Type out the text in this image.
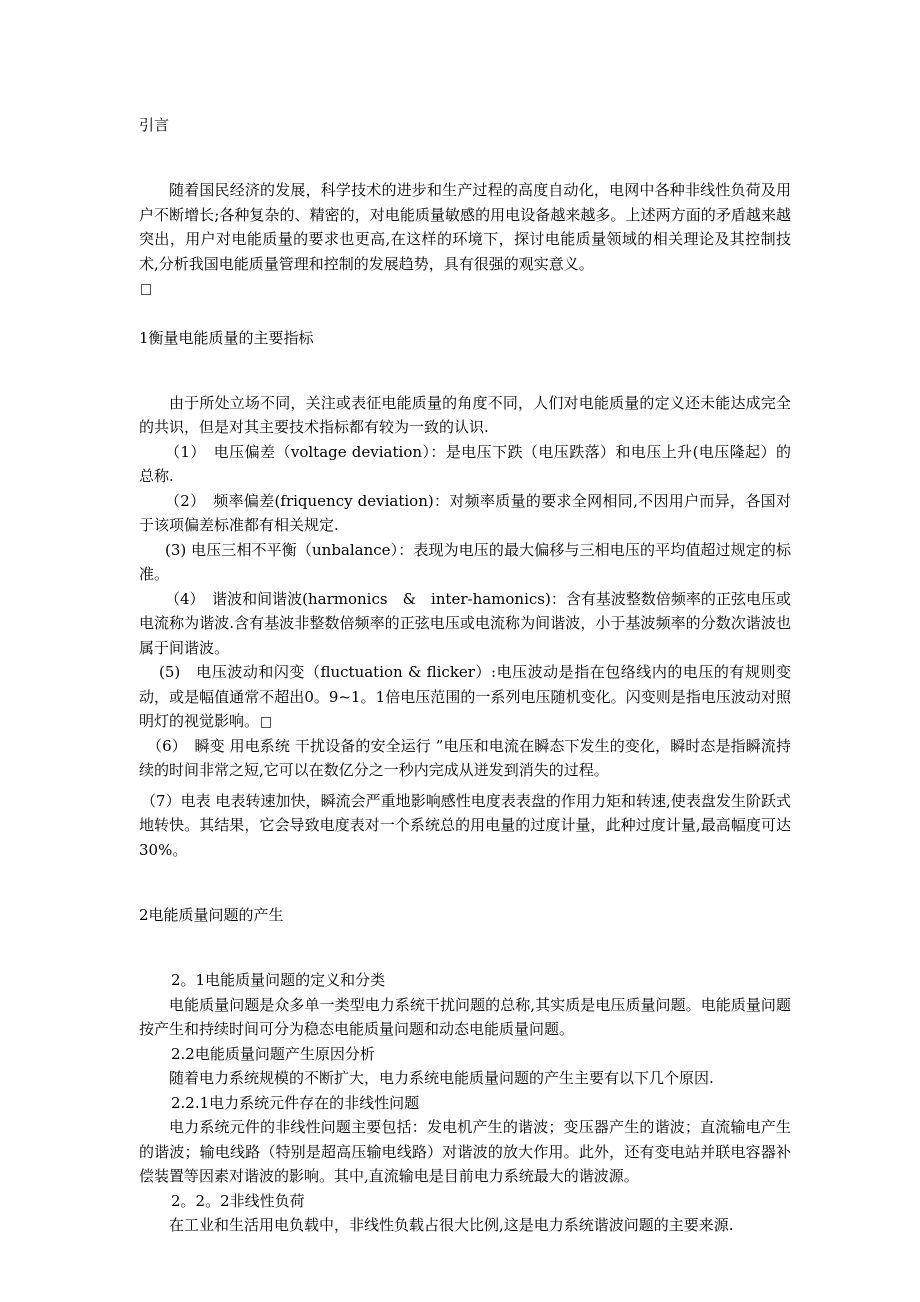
引言

随着国民经济的发展，科学技术的进步和生产过程的高度自动化，电网中各种非线性负荷及用户不断增长;各种复杂的、精密的，对电能质量敏感的用电设备越来越多。上述两方面的矛盾越来越突出，用户对电能质量的要求也更高,在这样的环境下，探讨电能质量领域的相关理论及其控制技术,分析我国电能质量管理和控制的发展趋势，具有很强的观实意义。

1衡量电能质量的主要指标

由于所处立场不同，关注或表征电能质量的角度不同，人们对电能质量的定义还未能达成完全的共识，但是对其主要技术指标都有较为一致的认识.

（1）　电压偏差（voltage deviation）：是电压下跌（电压跌落）和电压上升(电压隆起）的总称.

（2）　频率偏差(friquency deviation)：对频率质量的要求全网相同,不因用户而异，各国对于该项偏差标准都有相关规定.

(3) 电压三相不平衡（unbalance）：表现为电压的最大偏移与三相电压的平均值超过规定的标准。

（4）　谐波和间谐波(harmonics　&　inter-hamonics)：含有基波整数倍频率的正弦电压或电流称为谐波.含有基波非整数倍频率的正弦电压或电流称为间谐波，小于基波频率的分数次谐波也属于间谐波。

(5)　电压波动和闪变（fluctuation & flicker）:电压波动是指在包络线内的电压的有规则变动，或是幅值通常不超出0。9~1。1倍电压范围的一系列电压随机变化。闪变则是指电压波动对照明灯的视觉影响。

（6）　瞬变 用电系统 干扰设备的安全运行 ”电压和电流在瞬态下发生的变化，瞬时态是指瞬流持续的时间非常之短,它可以在数亿分之一秒内完成从迸发到消失的过程。

（7）电表 电表转速加快，瞬流会严重地影响感性电度表表盘的作用力矩和转速,使表盘发生阶跃式地转快。其结果，它会导致电度表对一个系统总的用电量的过度计量，此种过度计量,最高幅度可达30%。

2电能质量问题的产生

2。1电能质量问题的定义和分类

电能质量问题是众多单一类型电力系统干扰问题的总称,其实质是电压质量问题。电能质量问题按产生和持续时间可分为稳态电能质量问题和动态电能质量问题。

2.2电能质量问题产生原因分析

随着电力系统规模的不断扩大，电力系统电能质量问题的产生主要有以下几个原因.

2.2.1电力系统元件存在的非线性问题

电力系统元件的非线性问题主要包括：发电机产生的谐波；变压器产生的谐波；直流输电产生的谐波；输电线路（特别是超高压输电线路）对谐波的放大作用。此外，还有变电站并联电容器补偿装置等因素对谐波的影响。其中,直流输电是目前电力系统最大的谐波源。

2。2。2非线性负荷

在工业和生活用电负载中，非线性负载占很大比例,这是电力系统谐波问题的主要来源.
